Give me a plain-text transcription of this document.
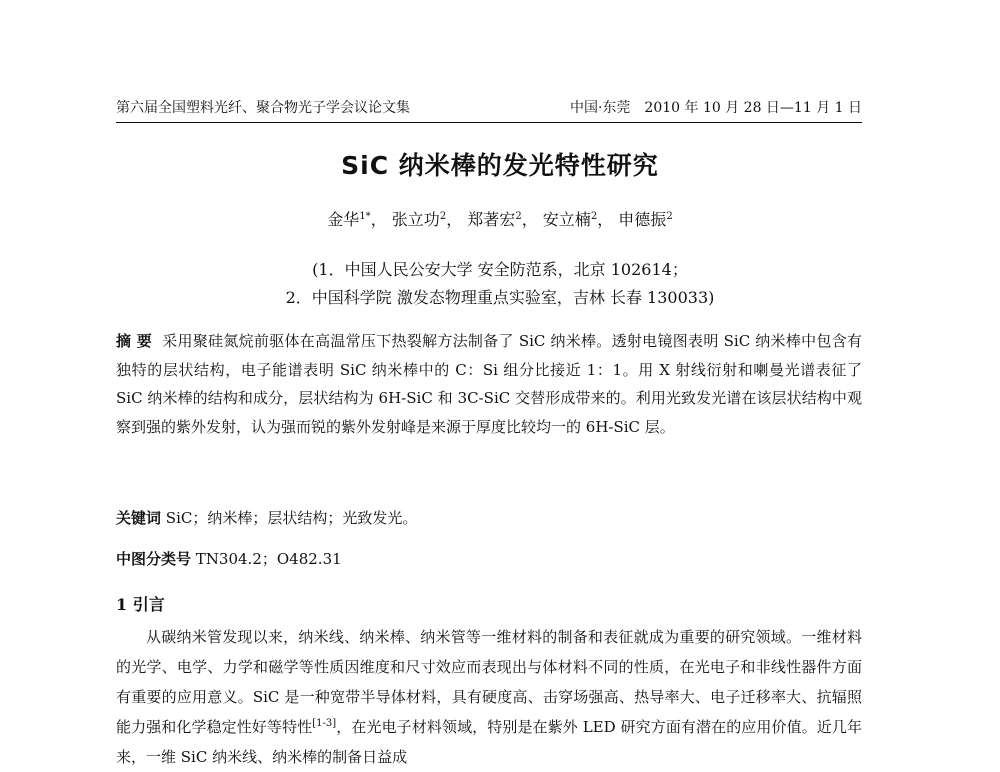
第六届全国塑料光纤、聚合物光子学会议论文集	中国·东莞　2010 年 10 月 28 日—11 月 1 日
SiC 纳米棒的发光特性研究
金华$^{1*}$， 张立功$^2$， 郑著宏$^2$， 安立楠$^2$， 申德振$^2$
(1．中国人民公安大学 安全防范系，北京 102614；
2．中国科学院 激发态物理重点实验室，吉林 长春 130033)
摘 要 采用聚硅氮烷前驱体在高温常压下热裂解方法制备了 SiC 纳米棒。透射电镜图表明 SiC 纳米棒中包含有独特的层状结构，电子能谱表明 SiC 纳米棒中的 C：Si 组分比接近 1：1。用 X 射线衍射和喇曼光谱表征了 SiC 纳米棒的结构和成分，层状结构为 6H-SiC 和 3C-SiC 交替形成带来的。利用光致发光谱在该层状结构中观察到强的紫外发射，认为强而锐的紫外发射峰是来源于厚度比较均一的 6H-SiC 层。
关键词 SiC；纳米棒；层状结构；光致发光。
中图分类号 TN304.2；O482.31
1 引言
从碳纳米管发现以来，纳米线、纳米棒、纳米管等一维材料的制备和表征就成为重要的研究领域。一维材料的光学、电学、力学和磁学等性质因维度和尺寸效应而表现出与体材料不同的性质，在光电子和非线性器件方面有重要的应用意义。SiC 是一种宽带半导体材料，具有硬度高、击穿场强高、热导率大、电子迁移率大、抗辐照能力强和化学稳定性好等特性[1-3]，在光电子材料领域，特别是在紫外 LED 研究方面有潜在的应用价值。近几年来，一维 SiC 纳米线、纳米棒的制备日益成
